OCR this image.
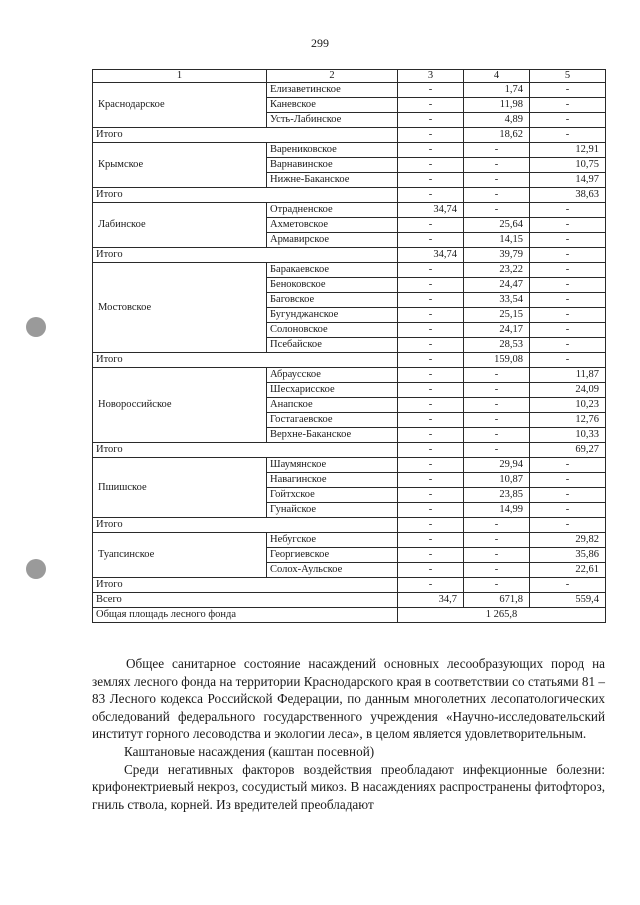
299
1	2	3	4	5
Краснодарское	Елизаветинское	-	1,74	-
	Каневское	-	11,98	-
	Усть-Лабинское	-	4,89	-
Итого		-	18,62	-
Крымское	Варениковское	-	-	12,91
	Варнавинское	-	-	10,75
	Нижне-Баканское	-	-	14,97
Итого		-	-	38,63
Лабинское	Отрадненское	34,74	-	-
	Ахметовское	-	25,64	-
	Армавирское	-	14,15	-
Итого		34,74	39,79	-
Мостовское	Баракаевское	-	23,22	-
	Беноковское	-	24,47	-
	Баговское	-	33,54	-
	Бугунджанское	-	25,15	-
	Солоновское	-	24,17	-
	Псебайское	-	28,53	-
Итого		-	159,08	-
Новороссийское	Абраусское	-	-	11,87
	Шесхарисское	-	-	24,09
	Анапское	-	-	10,23
	Гостагаевское	-	-	12,76
	Верхне-Баканское	-	-	10,33
Итого		-	-	69,27
Пшишское	Шаумянское	-	29,94	-
	Навагинское	-	10,87	-
	Гойтхское	-	23,85	-
	Гунайское	-	14,99	-
Итого		-	-	-
Туапсинское	Небугское	-	-	29,82
	Георгиевское	-	-	35,86
	Солох-Аульское	-	-	22,61
Итого		-	-	-
Всего		34,7	671,8	559,4
Общая площадь лесного фонда		1 265,8		

Общее санитарное состояние насаждений основных лесообразующих пород на землях лесного фонда на территории Краснодарского края в соответствии со статьями 81 – 83 Лесного кодекса Российской Федерации, по данным многолетних лесопатологических обследований федерального государственного учреждения «Научно-исследовательский институт горного лесоводства и экологии леса», в целом является удовлетворительным.

Каштановые насаждения (каштан посевной)

Среди негативных факторов воздействия преобладают инфекционные болезни: крифонектриевый некроз, сосудистый микоз. В насаждениях распространены фитофтороз, гниль ствола, корней. Из вредителей преобладают
